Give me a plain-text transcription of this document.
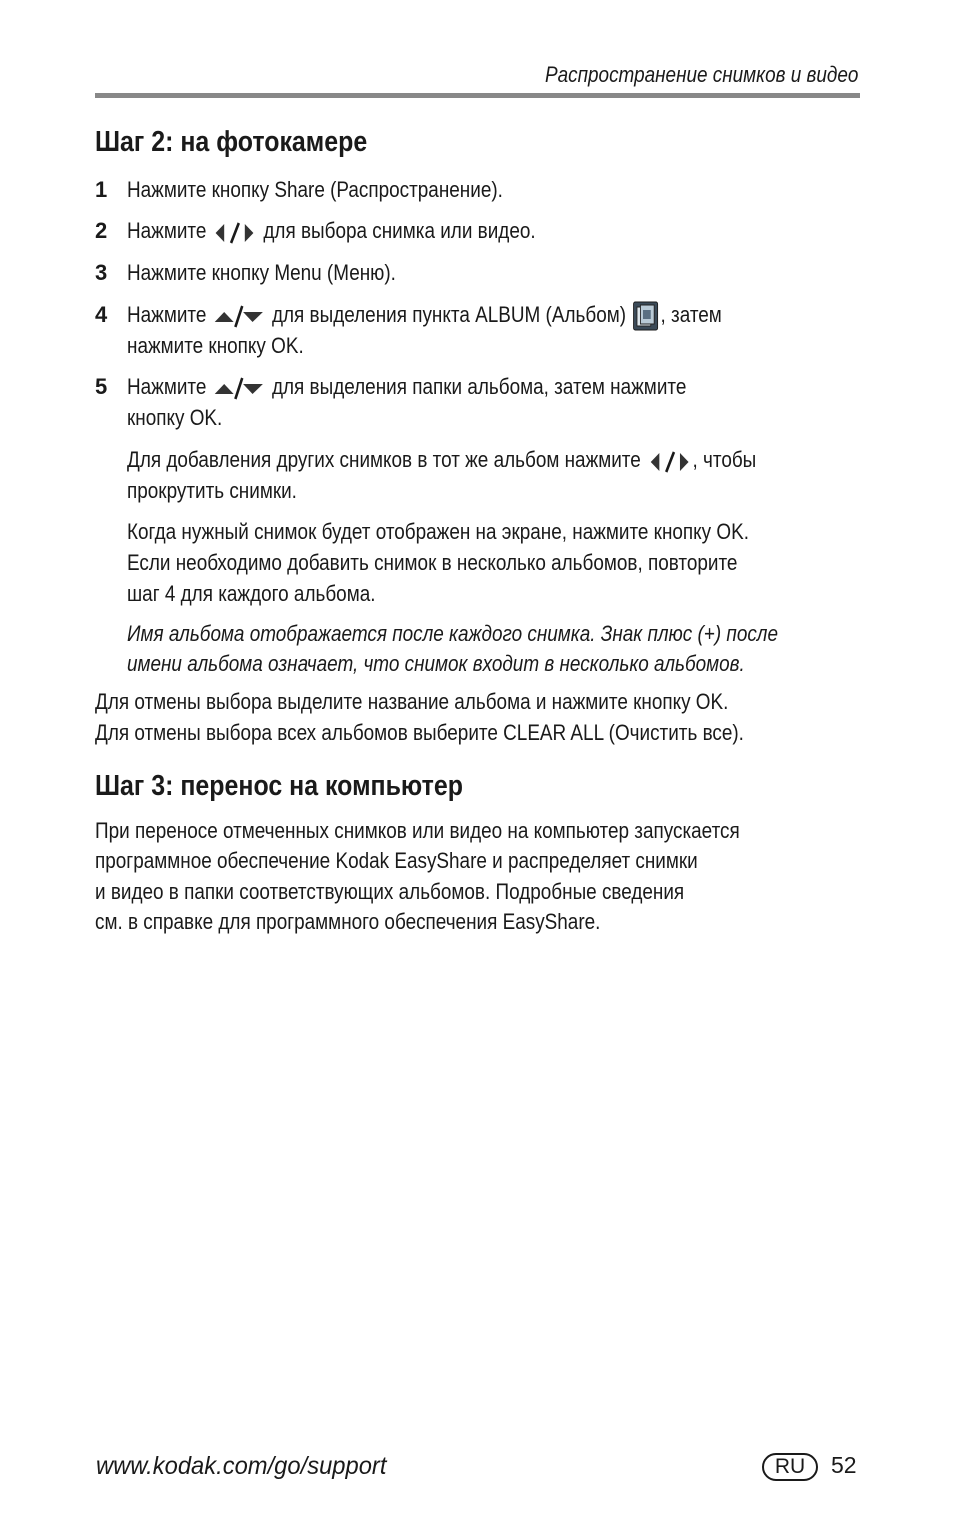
Распространение снимков и видео
Шаг 2: на фотокамере
1 Нажмите кнопку Share (Распространение).
2 Нажмите	для выбора снимка или видео.
3 Нажмите кнопку Menu (Меню).
4 Нажмите	для выделения пункта ALBUM (Альбом) , затем
нажмите кнопку OK.
5 Нажмите	для выделения папки альбома, затем нажмите
кнопку OK.
Для добавления других снимков в тот же альбом нажмите , чтобы
прокрутить снимки.
Когда нужный снимок будет отображен на экране, нажмите кнопку OK.
Если необходимо добавить снимок в несколько альбомов, повторите
шаг 4 для каждого альбома.
Имя альбома отображается после каждого снимка. Знак плюс (+) после
имени альбома означает, что снимок входит в несколько альбомов.
Для отмены выбора выделите название альбома и нажмите кнопку OK.
Для отмены выбора всех альбомов выберите CLEAR ALL (Очистить все).
Шаг 3: перенос на компьютер
При переносе отмеченных снимков или видео на компьютер запускается
программное обеспечение Kodak EasyShare и распределяет снимки
и видео в папки соответствующих альбомов. Подробные сведения
см. в справке для программного обеспечения EasyShare.
www.kodak.com/go/support	RU	52
